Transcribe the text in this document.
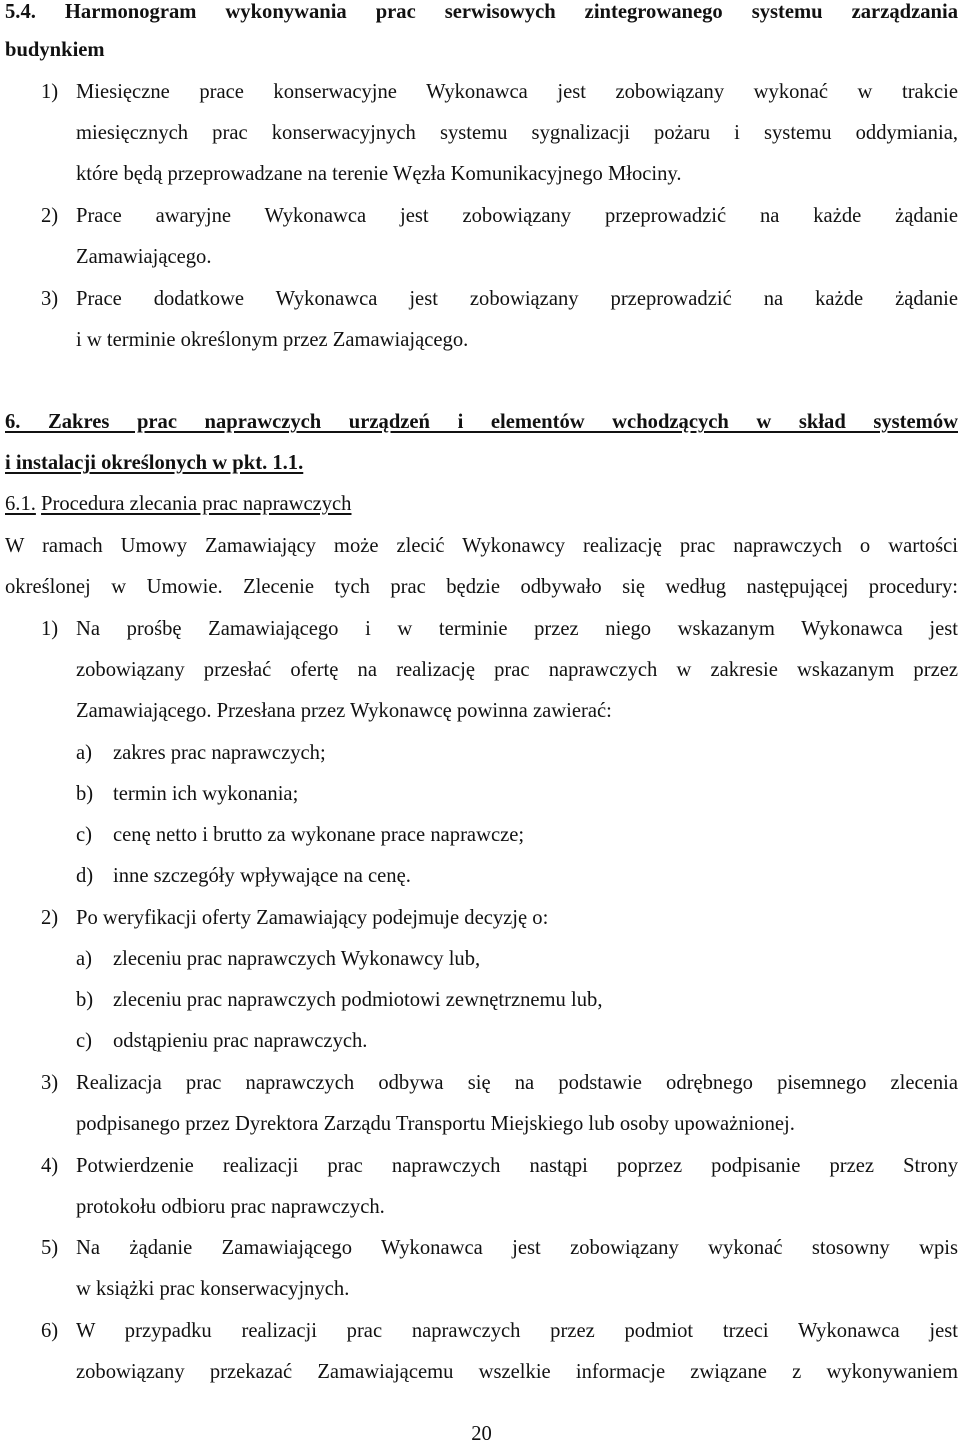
5.4. Harmonogram wykonywania prac serwisowych zintegrowanego systemu zarządzania
budynkiem
1) Miesięczne prace konserwacyjne Wykonawca jest zobowiązany wykonać w trakcie
miesięcznych prac konserwacyjnych systemu sygnalizacji pożaru i systemu oddymiania,
które będą przeprowadzane na terenie Węzła Komunikacyjnego Młociny.
2) Prace awaryjne Wykonawca jest zobowiązany przeprowadzić na każde żądanie
Zamawiającego.
3) Prace dodatkowe Wykonawca jest zobowiązany przeprowadzić na każde żądanie
i w terminie określonym przez Zamawiającego.
6. Zakres prac naprawczych urządzeń i elementów wchodzących w skład systemów
i instalacji określonych w pkt. 1.1.
6.1. Procedura zlecania prac naprawczych
W ramach Umowy Zamawiający może zlecić Wykonawcy realizację prac naprawczych o wartości
określonej w Umowie. Zlecenie tych prac będzie odbywało się według następującej procedury:
1) Na prośbę Zamawiającego i w terminie przez niego wskazanym Wykonawca jest
zobowiązany przesłać ofertę na realizację prac naprawczych w zakresie wskazanym przez
Zamawiającego. Przesłana przez Wykonawcę powinna zawierać:
a)	zakres prac naprawczych;
b) termin ich wykonania;
c)	cenę netto i brutto za wykonane prace naprawcze;
d) inne szczegóły wpływające na cenę.
2) Po weryfikacji oferty Zamawiający podejmuje decyzję o:
a)	zleceniu prac naprawczych Wykonawcy lub,
b) zleceniu prac naprawczych podmiotowi zewnętrznemu lub,
c)	odstąpieniu prac naprawczych.
3) Realizacja prac naprawczych odbywa się na podstawie odrębnego pisemnego zlecenia
podpisanego przez Dyrektora Zarządu Transportu Miejskiego lub osoby upoważnionej.
4) Potwierdzenie realizacji prac naprawczych nastąpi poprzez podpisanie przez Strony
protokołu odbioru prac naprawczych.
5) Na żądanie Zamawiającego Wykonawca jest zobowiązany wykonać stosowny wpis
w książki prac konserwacyjnych.
6) W przypadku realizacji prac naprawczych przez podmiot trzeci Wykonawca jest
zobowiązany przekazać Zamawiającemu wszelkie informacje związane z wykonywaniem
20
